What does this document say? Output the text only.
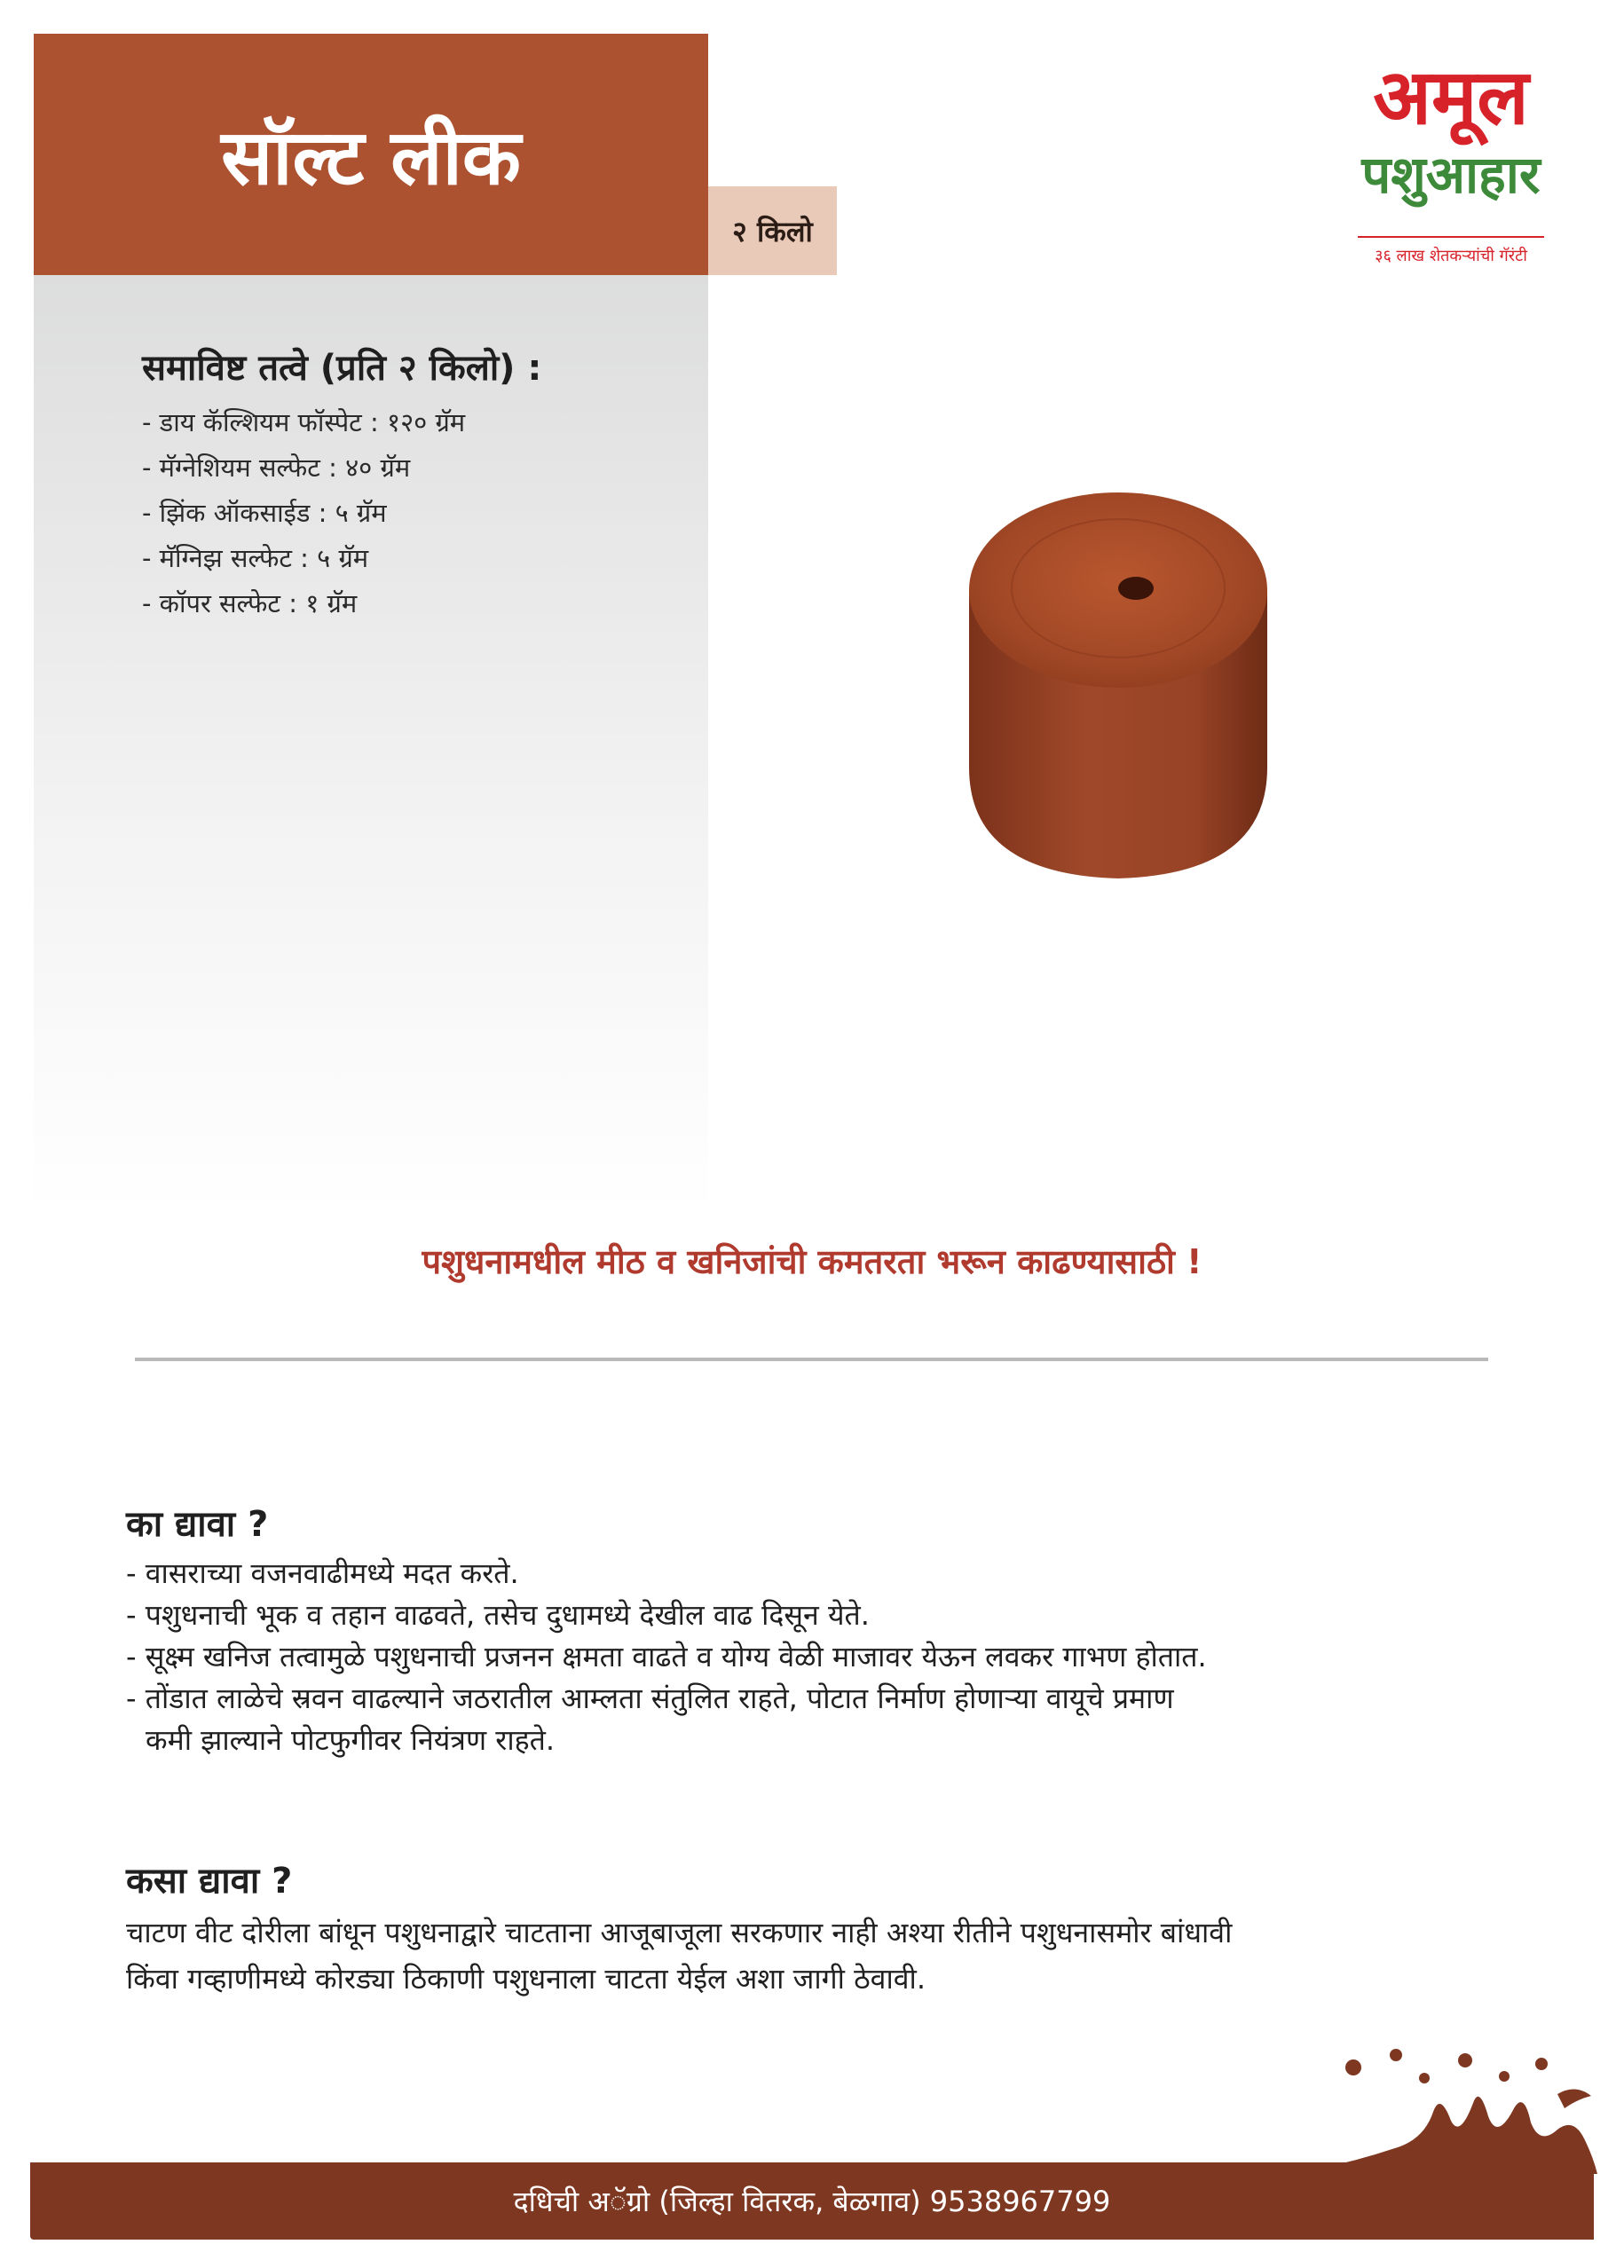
सॉल्ट लीक
२ किलो
अमूल
पशुआहार
३६ लाख शेतकऱ्यांची गॅरंटी
समाविष्ट तत्वे (प्रति २ किलो) :
- डाय कॅल्शियम फॉस्पेट : १२० ग्रॅम
- मॅग्नेशियम सल्फेट : ४० ग्रॅम
- झिंक ऑकसाईड : ५ ग्रॅम
- मॅग्निझ सल्फेट : ५ ग्रॅम
- कॉपर सल्फेट : १ ग्रॅम
पशुधनामधील मीठ व खनिजांची कमतरता भरून काढण्यासाठी !
का द्यावा ?
- वासराच्या वजनवाढीमध्ये मदत करते.
- पशुधनाची भूक व तहान वाढवते, तसेच दुधामध्ये देखील वाढ दिसून येते.
- सूक्ष्म खनिज तत्वामुळे पशुधनाची प्रजनन क्षमता वाढते व योग्य वेळी माजावर येऊन लवकर गाभण होतात.
- तोंडात लाळेचे स्रवन वाढल्याने जठरातील आम्लता संतुलित राहते, पोटात निर्माण होणाऱ्या वायूचे प्रमाण
कमी झाल्याने पोटफुगीवर नियंत्रण राहते.
कसा द्यावा ?
चाटण वीट दोरीला बांधून पशुधनाद्वारे चाटताना आजूबाजूला सरकणार नाही अश्या रीतीने पशुधनासमोर बांधावी
किंवा गव्हाणीमध्ये कोरड्या ठिकाणी पशुधनाला चाटता येईल अशा जागी ठेवावी.
दधिची अॅग्रो (जिल्हा वितरक, बेळगाव) 9538967799
